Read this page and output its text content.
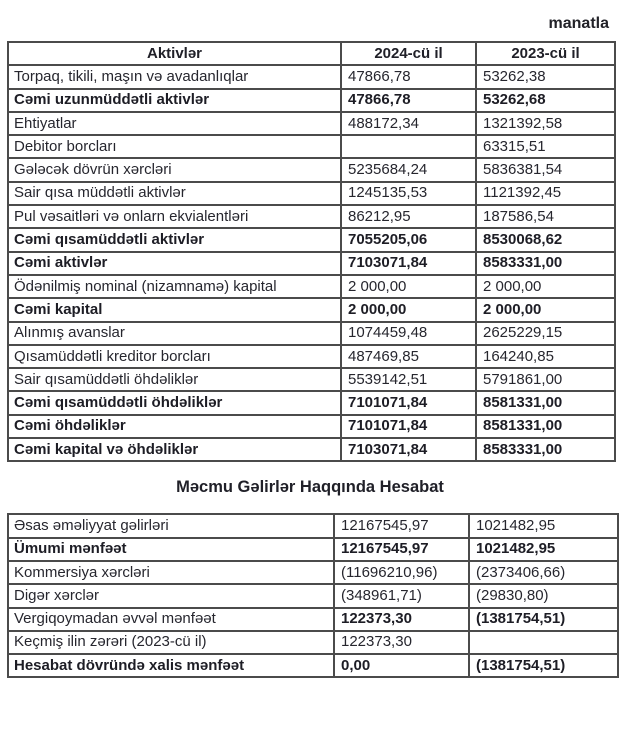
manatla
Aktivlər	2024-cü il	2023-cü il
Torpaq, tikili, maşın və avadanlıqlar	47866,78	53262,38
Cəmi uzunmüddətli aktivlər	47866,78	53262,68
Ehtiyatlar	488172,34	1321392,58
Debitor borcları		63315,51
Gələcək dövrün xərcləri	5235684,24	5836381,54
Sair qısa müddətli aktivlər	1245135,53	1121392,45
Pul vəsaitləri və onlarn ekvialentləri	86212,95	187586,54
Cəmi qısamüddətli aktivlər	7055205,06	8530068,62
Cəmi aktivlər	7103071,84	8583331,00
Ödənilmiş nominal (nizamnamə) kapital	2 000,00	2 000,00
Cəmi kapital	2 000,00	2 000,00
Alınmış avanslar	1074459,48	2625229,15
Qısamüddətli kreditor borcları	487469,85	164240,85
Sair qısamüddətli öhdəliklər	5539142,51	5791861,00
Cəmi qısamüddətli öhdəliklər	7101071,84	8581331,00
Cəmi öhdəliklər	7101071,84	8581331,00
Cəmi kapital və öhdəliklər	7103071,84	8583331,00
Məcmu Gəlirlər Haqqında Hesabat
Əsas əməliyyat gəlirləri	12167545,97	1021482,95
Ümumi mənfəət	12167545,97	1021482,95
Kommersiya xərcləri	(11696210,96)	(2373406,66)
Digər xərclər	(348961,71)	(29830,80)
Vergiqoymadan əvvəl mənfəət	122373,30	(1381754,51)
Keçmiş ilin zərəri (2023-cü il)	122373,30	
Hesabat dövründə xalis mənfəət	0,00	(1381754,51)
